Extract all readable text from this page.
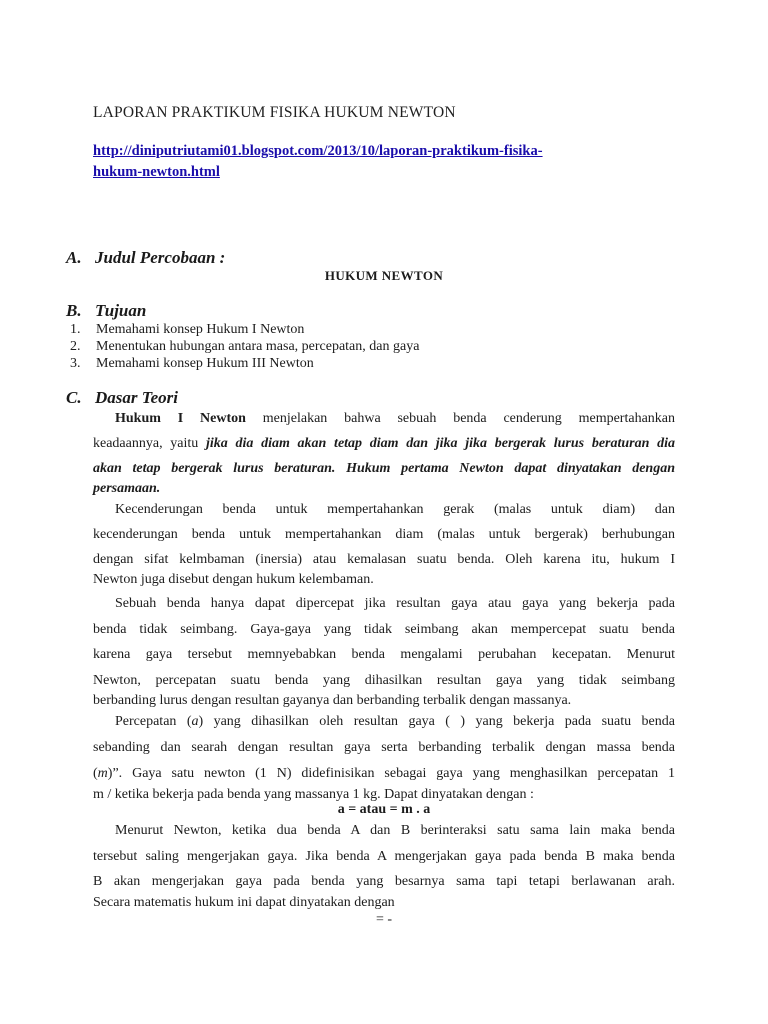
LAPORAN PRAKTIKUM FISIKA HUKUM NEWTON
http://diniputriutami01.blogspot.com/2013/10/laporan-praktikum-fisika-
hukum-newton.html
A. Judul Percobaan :
HUKUM NEWTON
B. Tujuan
1. Memahami konsep Hukum I Newton
2. Menentukan hubungan antara masa, percepatan, dan gaya
3. Memahami konsep Hukum III Newton
C. Dasar Teori
Hukum I Newton menjelakan bahwa sebuah benda cenderung mempertahankan
keadaannya, yaitu jika dia diam akan tetap diam dan jika jika bergerak lurus beraturan dia
akan tetap bergerak lurus beraturan. Hukum pertama Newton dapat dinyatakan dengan
persamaan.
Kecenderungan benda untuk mempertahankan gerak (malas untuk diam) dan
kecenderungan benda untuk mempertahankan diam (malas untuk bergerak) berhubungan
dengan sifat kelmbaman (inersia) atau kemalasan suatu benda. Oleh karena itu, hukum I
Newton juga disebut dengan hukum kelembaman.
Sebuah benda hanya dapat dipercepat jika resultan gaya atau gaya yang bekerja pada
benda tidak seimbang. Gaya-gaya yang tidak seimbang akan mempercepat suatu benda
karena gaya tersebut memnyebabkan benda mengalami perubahan kecepatan. Menurut
Newton, percepatan suatu benda yang dihasilkan resultan gaya yang tidak seimbang
berbanding lurus dengan resultan gayanya dan berbanding terbalik dengan massanya.
Percepatan (a) yang dihasilkan oleh resultan gaya ( ) yang bekerja pada suatu benda
sebanding dan searah dengan resultan gaya serta berbanding terbalik dengan massa benda
(m)”. Gaya satu newton (1 N) didefinisikan sebagai gaya yang menghasilkan percepatan 1
m / ketika bekerja pada benda yang massanya 1 kg. Dapat dinyatakan dengan :
a = atau = m . a
Menurut Newton, ketika dua benda A dan B berinteraksi satu sama lain maka benda
tersebut saling mengerjakan gaya. Jika benda A mengerjakan gaya pada benda B maka benda
B akan mengerjakan gaya pada benda yang besarnya sama tapi tetapi berlawanan arah.
Secara matematis hukum ini dapat dinyatakan dengan
= -
